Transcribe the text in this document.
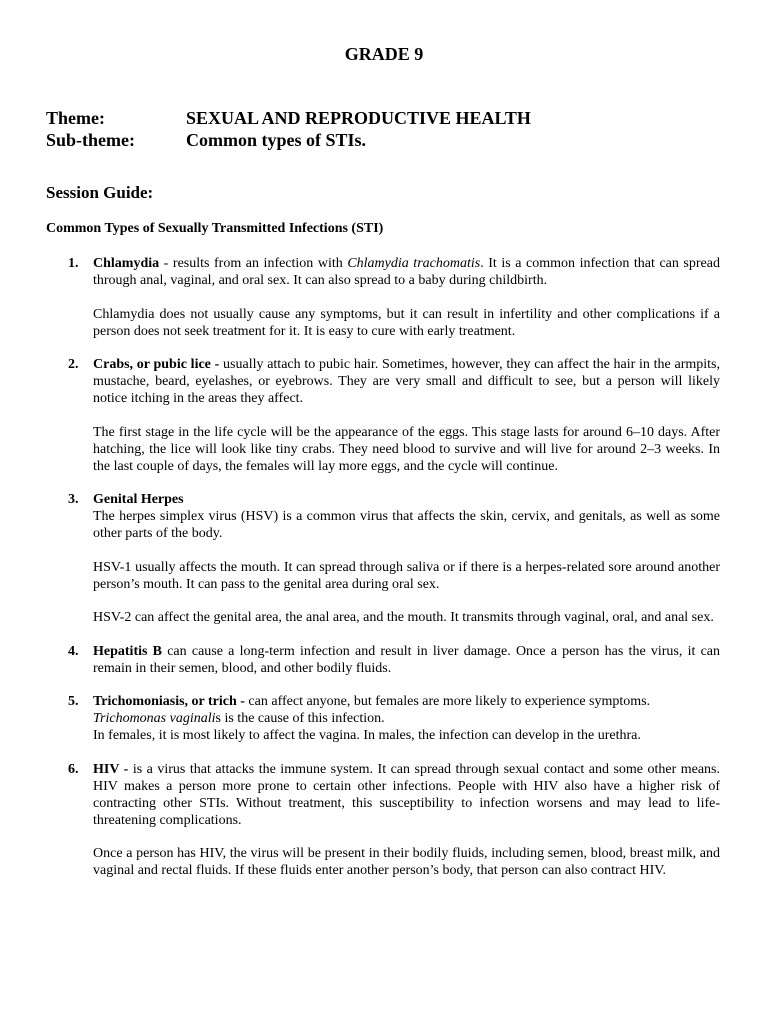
GRADE 9
Theme:	SEXUAL AND REPRODUCTIVE HEALTH
Sub-theme:	Common types of STIs.
Session Guide:
Common Types of Sexually Transmitted Infections (STI)
1. Chlamydia - results from an infection with Chlamydia trachomatis. It is a common infection that can spread through anal, vaginal, and oral sex. It can also spread to a baby during childbirth.

Chlamydia does not usually cause any symptoms, but it can result in infertility and other complications if a person does not seek treatment for it. It is easy to cure with early treatment.

2. Crabs, or pubic lice - usually attach to pubic hair. Sometimes, however, they can affect the hair in the armpits, mustache, beard, eyelashes, or eyebrows. They are very small and difficult to see, but a person will likely notice itching in the areas they affect.

The first stage in the life cycle will be the appearance of the eggs. This stage lasts for around 6–10 days. After hatching, the lice will look like tiny crabs. They need blood to survive and will live for around 2–3 weeks. In the last couple of days, the females will lay more eggs, and the cycle will continue.

3. Genital Herpes

The herpes simplex virus (HSV) is a common virus that affects the skin, cervix, and genitals, as well as some other parts of the body.

HSV-1 usually affects the mouth. It can spread through saliva or if there is a herpes-related sore around another person’s mouth. It can pass to the genital area during oral sex.

HSV-2 can affect the genital area, the anal area, and the mouth. It transmits through vaginal, oral, and anal sex.

4. Hepatitis B can cause a long-term infection and result in liver damage. Once a person has the virus, it can remain in their semen, blood, and other bodily fluids.

5. Trichomoniasis, or trich - can affect anyone, but females are more likely to experience symptoms.
Trichomonas vaginalis is the cause of this infection.

In females, it is most likely to affect the vagina. In males, the infection can develop in the urethra.

6. HIV - is a virus that attacks the immune system. It can spread through sexual contact and some other means. HIV makes a person more prone to certain other infections. People with HIV also have a higher risk of contracting other STIs. Without treatment, this susceptibility to infection worsens and may lead to life-threatening complications.

Once a person has HIV, the virus will be present in their bodily fluids, including semen, blood, breast milk, and vaginal and rectal fluids. If these fluids enter another person’s body, that person can also contract HIV.
